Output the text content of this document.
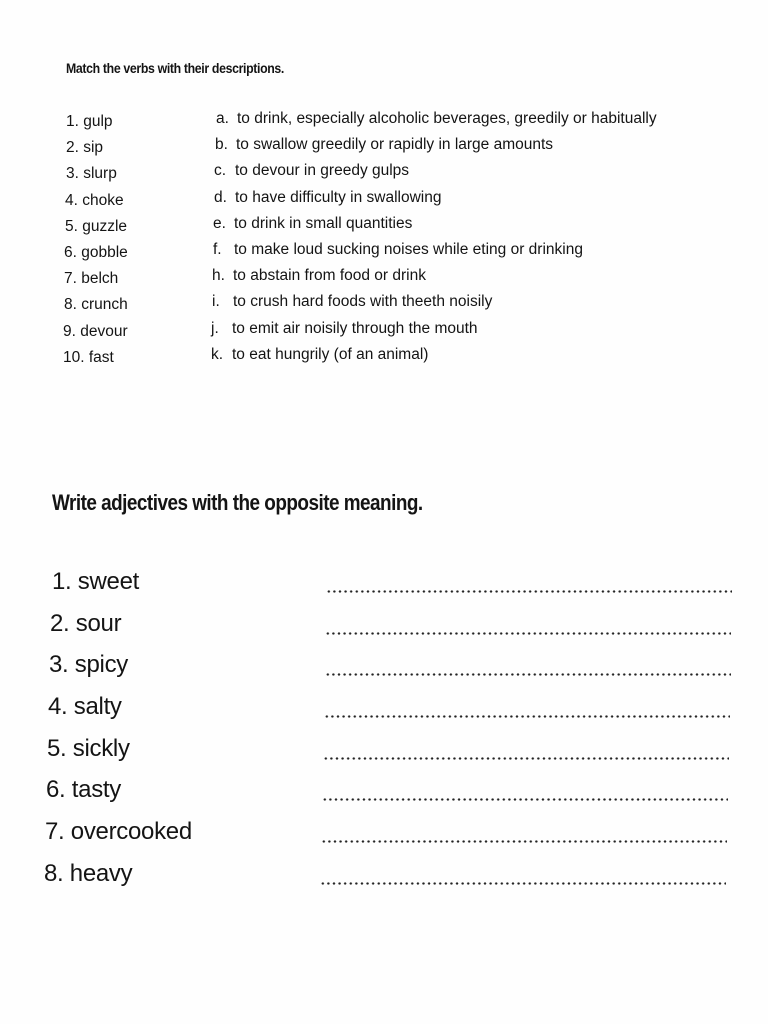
Match the verbs with their descriptions.
1. gulp	a. to drink, especially alcoholic beverages, greedily or habitually
2. sip	b. to swallow greedily or rapidly in large amounts
3. slurp	c. to devour in greedy gulps
4. choke	d. to have difficulty in swallowing
5. guzzle	e. to drink in small quantities
6. gobble	f. to make loud sucking noises while eting or drinking
7. belch	h. to abstain from food or drink
8. crunch	i. to crush hard foods with theeth noisily
9. devour	j. to emit air noisily through the mouth
10. fast	k. to eat hungrily (of an animal)
Write adjectives with the opposite meaning.
1. sweet
2. sour
3. spicy
4. salty
5. sickly
6. tasty
7. overcooked
8. heavy
